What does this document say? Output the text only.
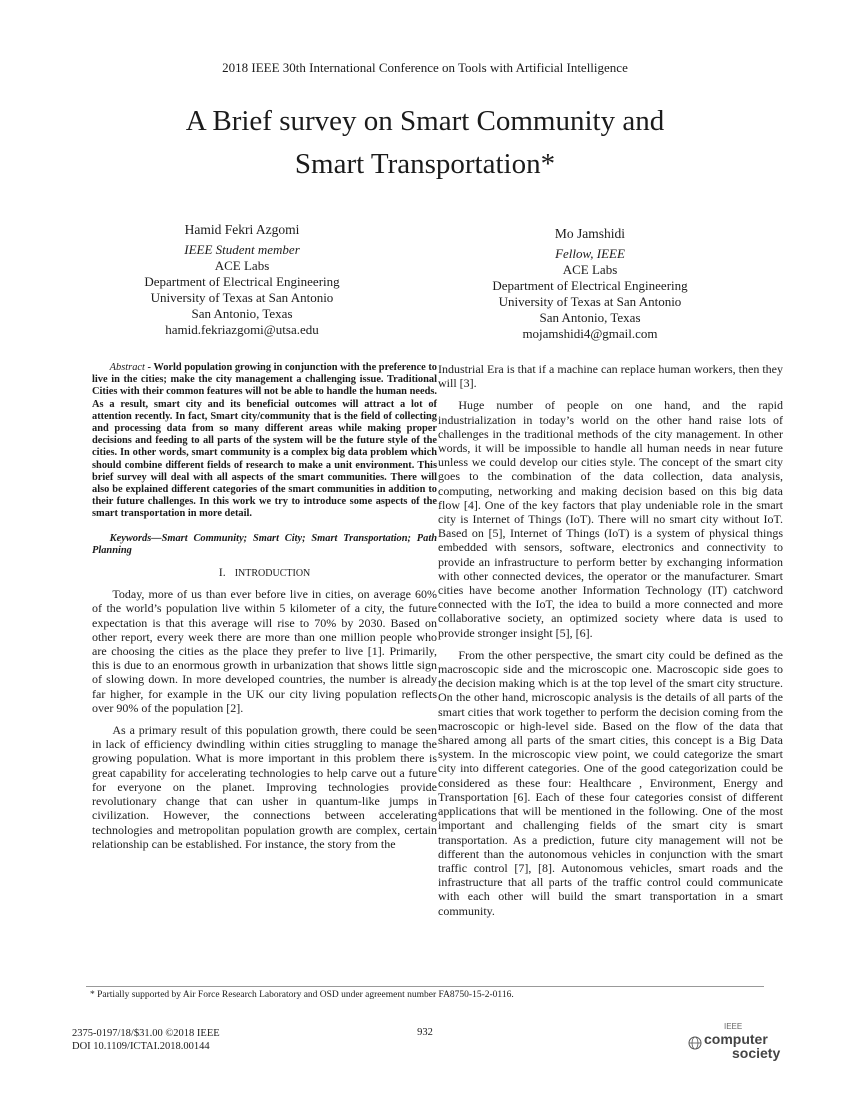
2018 IEEE 30th International Conference on Tools with Artificial Intelligence
A Brief survey on Smart Community and
Smart Transportation*
Hamid Fekri Azgomi
IEEE Student member
ACE Labs
Department of Electrical Engineering
University of Texas at San Antonio
San Antonio, Texas
hamid.fekriazgomi@utsa.edu
Mo Jamshidi
Fellow, IEEE
ACE Labs
Department of Electrical Engineering
University of Texas at San Antonio
San Antonio, Texas
mojamshidi4@gmail.com

Abstract - World population growing in conjunction with the preference to live in the cities; make the city management a challenging issue. Traditional Cities with their common features will not be able to handle the human needs. As a result, smart city and its beneficial outcomes will attract a lot of attention recently. In fact, Smart city/community that is the field of collecting and processing data from so many different areas while making proper decisions and feeding to all parts of the system will be the future style of the cities. In other words, smart community is a complex big data problem which should combine different fields of research to make a unit environment. This brief survey will deal with all aspects of the smart communities. There will also be explained different categories of the smart communities in addition to their future challenges. In this work we try to introduce some aspects of the smart transportation in more detail.

Keywords—Smart Community; Smart City; Smart Transportation; Path Planning

I. INTRODUCTION

Today, more of us than ever before live in cities, on average 60% of the world’s population live within 5 kilometer of a city, the future expectation is that this average will rise to 70% by 2030. Based on other report, every week there are more than one million people who are choosing the cities as the place they prefer to live [1]. Primarily, this is due to an enormous growth in urbanization that shows little sign of slowing down. In more developed countries, the number is already far higher, for example in the UK our city living population reflects over 90% of the population [2].

As a primary result of this population growth, there could be seen in lack of efficiency dwindling within cities struggling to manage the growing population. What is more important in this problem there is great capability for accelerating technologies to help carve out a future for everyone on the planet. Improving technologies provide revolutionary change that can usher in quantum-like jumps in civilization. However, the connections between accelerating technologies and metropolitan population growth are complex, certain relationship can be established. For instance, the story from the

Industrial Era is that if a machine can replace human workers, then they will [3].

Huge number of people on one hand, and the rapid industrialization in today’s world on the other hand raise lots of challenges in the traditional methods of the city management. In other words, it will be impossible to handle all human needs in near future unless we could develop our cities style. The concept of the smart city goes to the combination of the data collection, data analysis, computing, networking and making decision based on this big data flow [4]. One of the key factors that play undeniable role in the smart city is Internet of Things (IoT). There will no smart city without IoT. Based on [5], Internet of Things (IoT) is a system of physical things embedded with sensors, software, electronics and connectivity to provide an infrastructure to perform better by exchanging information with other connected devices, the operator or the manufacturer. Smart cities have become another Information Technology (IT) catchword connected with the IoT, the idea to build a more connected and more collaborative society, an optimized society where data is used to provide stronger insight [5], [6].

From the other perspective, the smart city could be defined as the macroscopic side and the microscopic one. Macroscopic side goes to the decision making which is at the top level of the smart city structure. On the other hand, microscopic analysis is the details of all parts of the smart cities that work together to perform the decision coming from the macroscopic or high-level side. Based on the flow of the data that shared among all parts of the smart cities, this concept is a Big Data system. In the microscopic view point, we could categorize the smart city into different categories. One of the good categorization could be considered as these four: Healthcare , Environment, Energy and Transportation [6]. Each of these four categories consist of different applications that will be mentioned in the following. One of the most important and challenging fields of the smart city is smart transportation. As a prediction, future city management will not be different than the autonomous vehicles in conjunction with the smart traffic control [7], [8]. Autonomous vehicles, smart roads and the infrastructure that all parts of the traffic control could communicate with each other will build the smart transportation in a smart community.

* Partially supported by Air Force Research Laboratory and OSD under agreement number FA8750-15-2-0116.
2375-0197/18/$31.00 ©2018 IEEE
DOI 10.1109/ICTAI.2018.00144
932
IEEE
computer
society
